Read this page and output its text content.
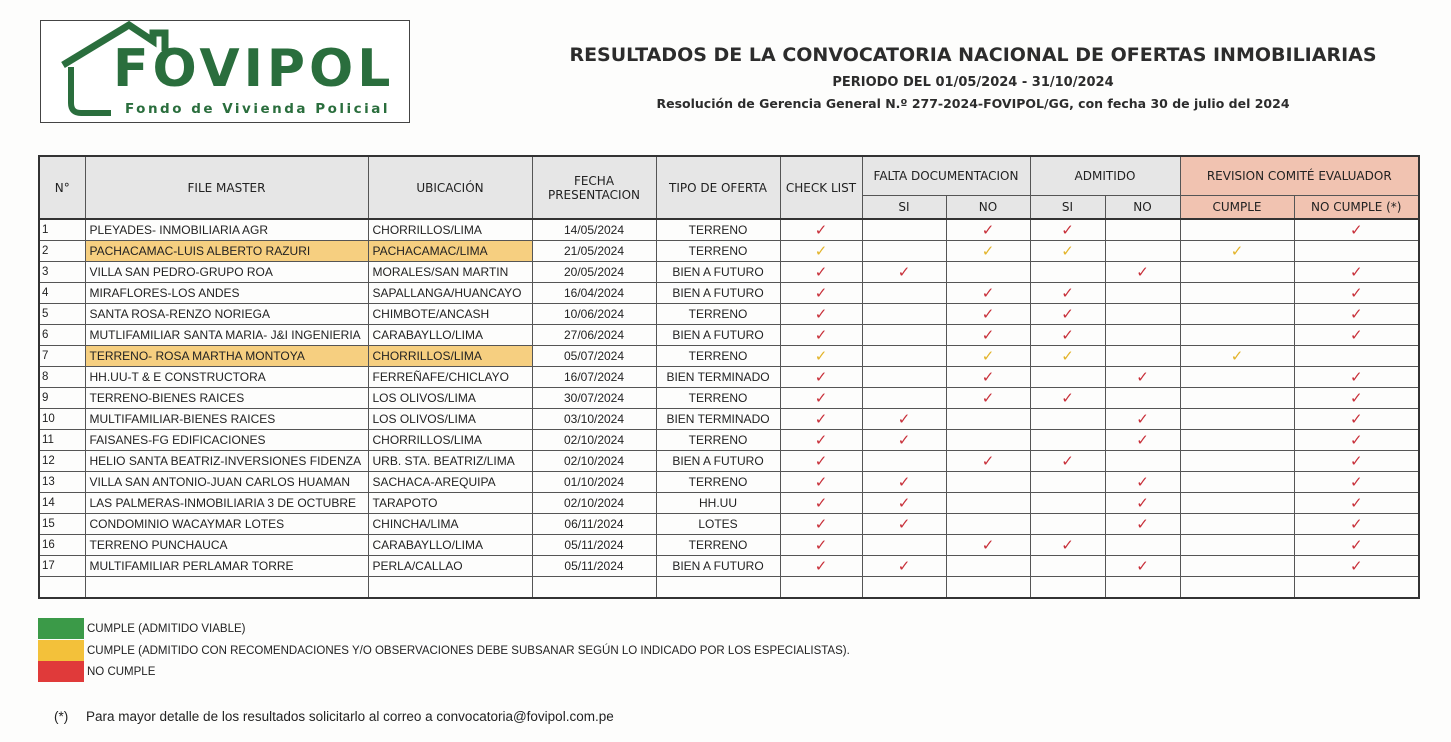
FOVIPOL
Fondo de Vivienda Policial
RESULTADOS DE LA CONVOCATORIA NACIONAL DE OFERTAS INMOBILIARIAS
PERIODO DEL 01/05/2024 - 31/10/2024
Resolución de Gerencia General N.º 277-2024-FOVIPOL/GG, con fecha 30 de julio del 2024
N°	FILE MASTER	UBICACIÓN	FECHA PRESENTACION	TIPO DE OFERTA	CHECK LIST	FALTA DOCUMENTACION		ADMITIDO		REVISION COMITÉ EVALUADOR	
						SI	NO	SI	NO	CUMPLE	NO CUMPLE (*)
1	PLEYADES- INMOBILIARIA AGR	CHORRILLOS/LIMA	14/05/2024	TERRENO	✓		✓	✓			✓
2	PACHACAMAC-LUIS ALBERTO RAZURI	PACHACAMAC/LIMA	21/05/2024	TERRENO	✓		✓	✓		✓	
3	VILLA SAN PEDRO-GRUPO ROA	MORALES/SAN MARTIN	20/05/2024	BIEN A FUTURO	✓	✓			✓		✓
4	MIRAFLORES-LOS ANDES	SAPALLANGA/HUANCAYO	16/04/2024	BIEN A FUTURO	✓		✓	✓			✓
5	SANTA ROSA-RENZO NORIEGA	CHIMBOTE/ANCASH	10/06/2024	TERRENO	✓		✓	✓			✓
6	MUTLIFAMILIAR SANTA MARIA- J&I INGENIERIA	CARABAYLLO/LIMA	27/06/2024	BIEN A FUTURO	✓		✓	✓			✓
7	TERRENO- ROSA MARTHA MONTOYA	CHORRILLOS/LIMA	05/07/2024	TERRENO	✓		✓	✓		✓	
8	HH.UU-T & E CONSTRUCTORA	FERREÑAFE/CHICLAYO	16/07/2024	BIEN TERMINADO	✓		✓		✓		✓
9	TERRENO-BIENES RAICES	LOS OLIVOS/LIMA	30/07/2024	TERRENO	✓		✓	✓			✓
10	MULTIFAMILIAR-BIENES RAICES	LOS OLIVOS/LIMA	03/10/2024	BIEN TERMINADO	✓	✓			✓		✓
11	FAISANES-FG EDIFICACIONES	CHORRILLOS/LIMA	02/10/2024	TERRENO	✓	✓			✓		✓
12	HELIO SANTA BEATRIZ-INVERSIONES FIDENZA	URB. STA. BEATRIZ/LIMA	02/10/2024	BIEN A FUTURO	✓		✓	✓			✓
13	VILLA SAN ANTONIO-JUAN CARLOS HUAMAN	SACHACA-AREQUIPA	01/10/2024	TERRENO	✓	✓			✓		✓
14	LAS PALMERAS-INMOBILIARIA 3 DE OCTUBRE	TARAPOTO	02/10/2024	HH.UU	✓	✓			✓		✓
15	CONDOMINIO WACAYMAR LOTES	CHINCHA/LIMA	06/11/2024	LOTES	✓	✓			✓		✓
16	TERRENO PUNCHAUCA	CARABAYLLO/LIMA	05/11/2024	TERRENO	✓		✓	✓			✓
17	MULTIFAMILIAR PERLAMAR TORRE	PERLA/CALLAO	05/11/2024	BIEN A FUTURO	✓	✓			✓		✓

CUMPLE (ADMITIDO VIABLE)
CUMPLE (ADMITIDO CON RECOMENDACIONES Y/O OBSERVACIONES DEBE SUBSANAR SEGÚN LO INDICADO POR LOS ESPECIALISTAS).
NO CUMPLE
(*) Para mayor detalle de los resultados solicitarlo al correo a convocatoria@fovipol.com.pe
